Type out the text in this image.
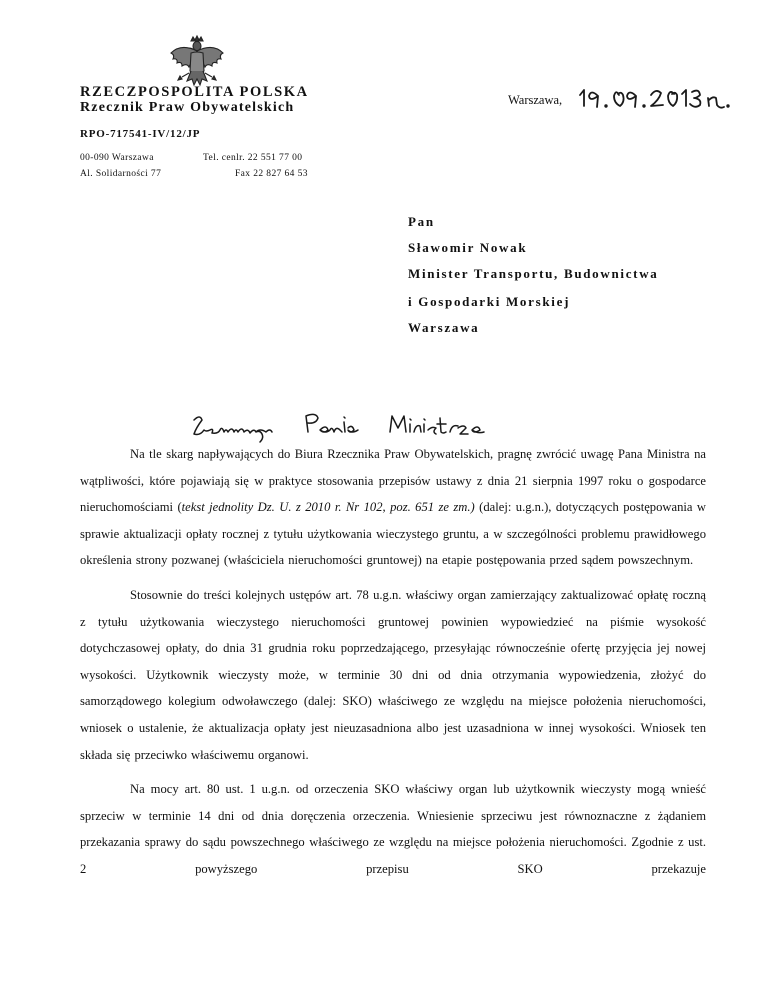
RZECZPOSPOLITA POLSKA
Rzecznik Praw Obywatelskich
RPO-717541-IV/12/JP
00-090 Warszawa
Al. Solidarności 77
Tel. cenlr. 22 551 77 00
Fax 22 827 64 53
Warszawa,
Pan
Sławomir Nowak
Minister Transportu, Budownictwa
i Gospodarki Morskiej
Warszawa

Na tle skarg napływających do Biura Rzecznika Praw Obywatelskich, pragnę zwrócić uwagę Pana Ministra na wątpliwości, które pojawiają się w praktyce stosowania przepisów ustawy z dnia 21 sierpnia 1997 roku o gospodarce nieruchomościami (tekst jednolity Dz. U. z 2010 r. Nr 102, poz. 651 ze zm.) (dalej: u.g.n.), dotyczących postępowania w sprawie aktualizacji opłaty rocznej z tytułu użytkowania wieczystego gruntu, a w szczególności problemu prawidłowego określenia strony pozwanej (właściciela nieruchomości gruntowej) na etapie postępowania przed sądem powszechnym.

Stosownie do treści kolejnych ustępów art. 78 u.g.n. właściwy organ zamierzający zaktualizować opłatę roczną z tytułu użytkowania wieczystego nieruchomości gruntowej powinien wypowiedzieć na piśmie wysokość dotychczasowej opłaty, do dnia 31 grudnia roku poprzedzającego, przesyłając równocześnie ofertę przyjęcia jej nowej wysokości. Użytkownik wieczysty może, w terminie 30 dni od dnia otrzymania wypowiedzenia, złożyć do samorządowego kolegium odwoławczego (dalej: SKO) właściwego ze względu na miejsce położenia nieruchomości, wniosek o ustalenie, że aktualizacja opłaty jest nieuzasadniona albo jest uzasadniona w innej wysokości. Wniosek ten składa się przeciwko właściwemu organowi.

Na mocy art. 80 ust. 1 u.g.n. od orzeczenia SKO właściwy organ lub użytkownik wieczysty mogą wnieść sprzeciw w terminie 14 dni od dnia doręczenia orzeczenia. Wniesienie sprzeciwu jest równoznaczne z żądaniem przekazania sprawy do sądu powszechnego właściwego ze względu na miejsce położenia nieruchomości. Zgodnie z ust. 2 powyższego przepisu SKO przekazuje
